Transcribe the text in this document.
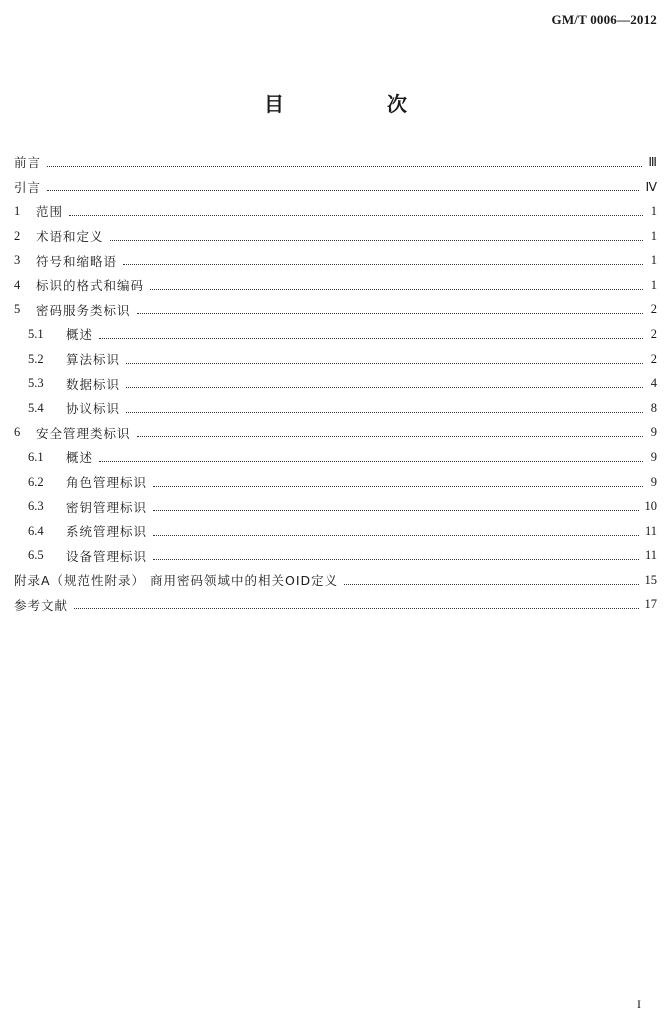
GM/T 0006—2012
目 次
前言	Ⅲ
引言	Ⅳ
1	范围	1
2	术语和定义	1
3	符号和缩略语	1
4	标识的格式和编码	1
5	密码服务类标识	2
5.1	概述	2
5.2	算法标识	2
5.3	数据标识	4
5.4	协议标识	8
6	安全管理类标识	9
6.1	概述	9
6.2	角色管理标识	9
6.3	密钥管理标识	10
6.4	系统管理标识	11
6.5	设备管理标识	11
附录A（规范性附录） 商用密码领域中的相关OID定义	15
参考文献	17
I
